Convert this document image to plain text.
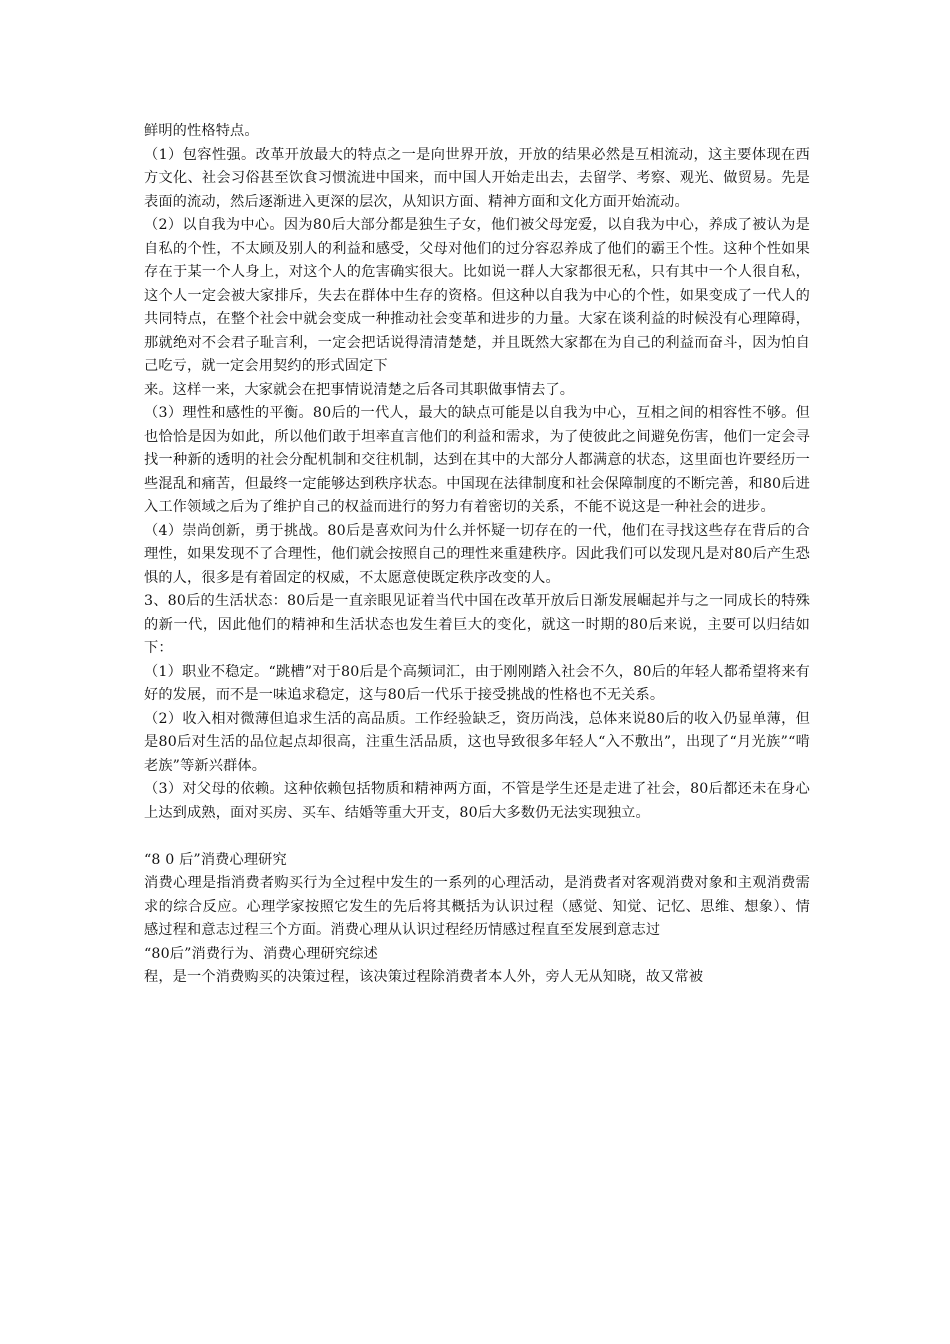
鲜明的性格特点。

（1）包容性强。改革开放最大的特点之一是向世界开放，开放的结果必然是互相流动，这主要体现在西方文化、社会习俗甚至饮食习惯流进中国来，而中国人开始走出去，去留学、考察、观光、做贸易。先是表面的流动，然后逐渐进入更深的层次，从知识方面、精神方面和文化方面开始流动。

（2）以自我为中心。因为80后大部分都是独生子女，他们被父母宠爱，以自我为中心，养成了被认为是自私的个性，不太顾及别人的利益和感受，父母对他们的过分容忍养成了他们的霸王个性。这种个性如果存在于某一个人身上，对这个人的危害确实很大。比如说一群人大家都很无私，只有其中一个人很自私，这个人一定会被大家排斥，失去在群体中生存的资格。但这种以自我为中心的个性，如果变成了一代人的共同特点，在整个社会中就会变成一种推动社会变革和进步的力量。大家在谈利益的时候没有心理障碍，那就绝对不会君子耻言利，一定会把话说得清清楚楚，并且既然大家都在为自己的利益而奋斗，因为怕自己吃亏，就一定会用契约的形式固定下

来。这样一来，大家就会在把事情说清楚之后各司其职做事情去了。

（3）理性和感性的平衡。80后的一代人，最大的缺点可能是以自我为中心，互相之间的相容性不够。但也恰恰是因为如此，所以他们敢于坦率直言他们的利益和需求，为了使彼此之间避免伤害，他们一定会寻找一种新的透明的社会分配机制和交往机制，达到在其中的大部分人都满意的状态，这里面也许要经历一些混乱和痛苦，但最终一定能够达到秩序状态。中国现在法律制度和社会保障制度的不断完善，和80后进入工作领域之后为了维护自己的权益而进行的努力有着密切的关系，不能不说这是一种社会的进步。

（4）崇尚创新，勇于挑战。80后是喜欢问为什么并怀疑一切存在的一代，他们在寻找这些存在背后的合理性，如果发现不了合理性，他们就会按照自己的理性来重建秩序。因此我们可以发现凡是对80后产生恐惧的人，很多是有着固定的权威，不太愿意使既定秩序改变的人。

3、80后的生活状态：80后是一直亲眼见证着当代中国在改革开放后日渐发展崛起并与之一同成长的特殊的新一代，因此他们的精神和生活状态也发生着巨大的变化，就这一时期的80后来说，主要可以归结如下：

（1）职业不稳定。“跳槽”对于80后是个高频词汇，由于刚刚踏入社会不久，80后的年轻人都希望将来有好的发展，而不是一味追求稳定，这与80后一代乐于接受挑战的性格也不无关系。

（2）收入相对微薄但追求生活的高品质。工作经验缺乏，资历尚浅，总体来说80后的收入仍显单薄，但是80后对生活的品位起点却很高，注重生活品质，这也导致很多年轻人“入不敷出”，出现了“月光族”“啃老族”等新兴群体。

（3）对父母的依赖。这种依赖包括物质和精神两方面，不管是学生还是走进了社会，80后都还未在身心上达到成熟，面对买房、买车、结婚等重大开支，80后大多数仍无法实现独立。

“8 0 后”消费心理研究

消费心理是指消费者购买行为全过程中发生的一系列的心理活动，是消费者对客观消费对象和主观消费需求的综合反应。心理学家按照它发生的先后将其概括为认识过程（感觉、知觉、记忆、思维、想象）、情感过程和意志过程三个方面。消费心理从认识过程经历情感过程直至发展到意志过

“80后”消费行为、消费心理研究综述

程，是一个消费购买的决策过程，该决策过程除消费者本人外，旁人无从知晓，故又常被
